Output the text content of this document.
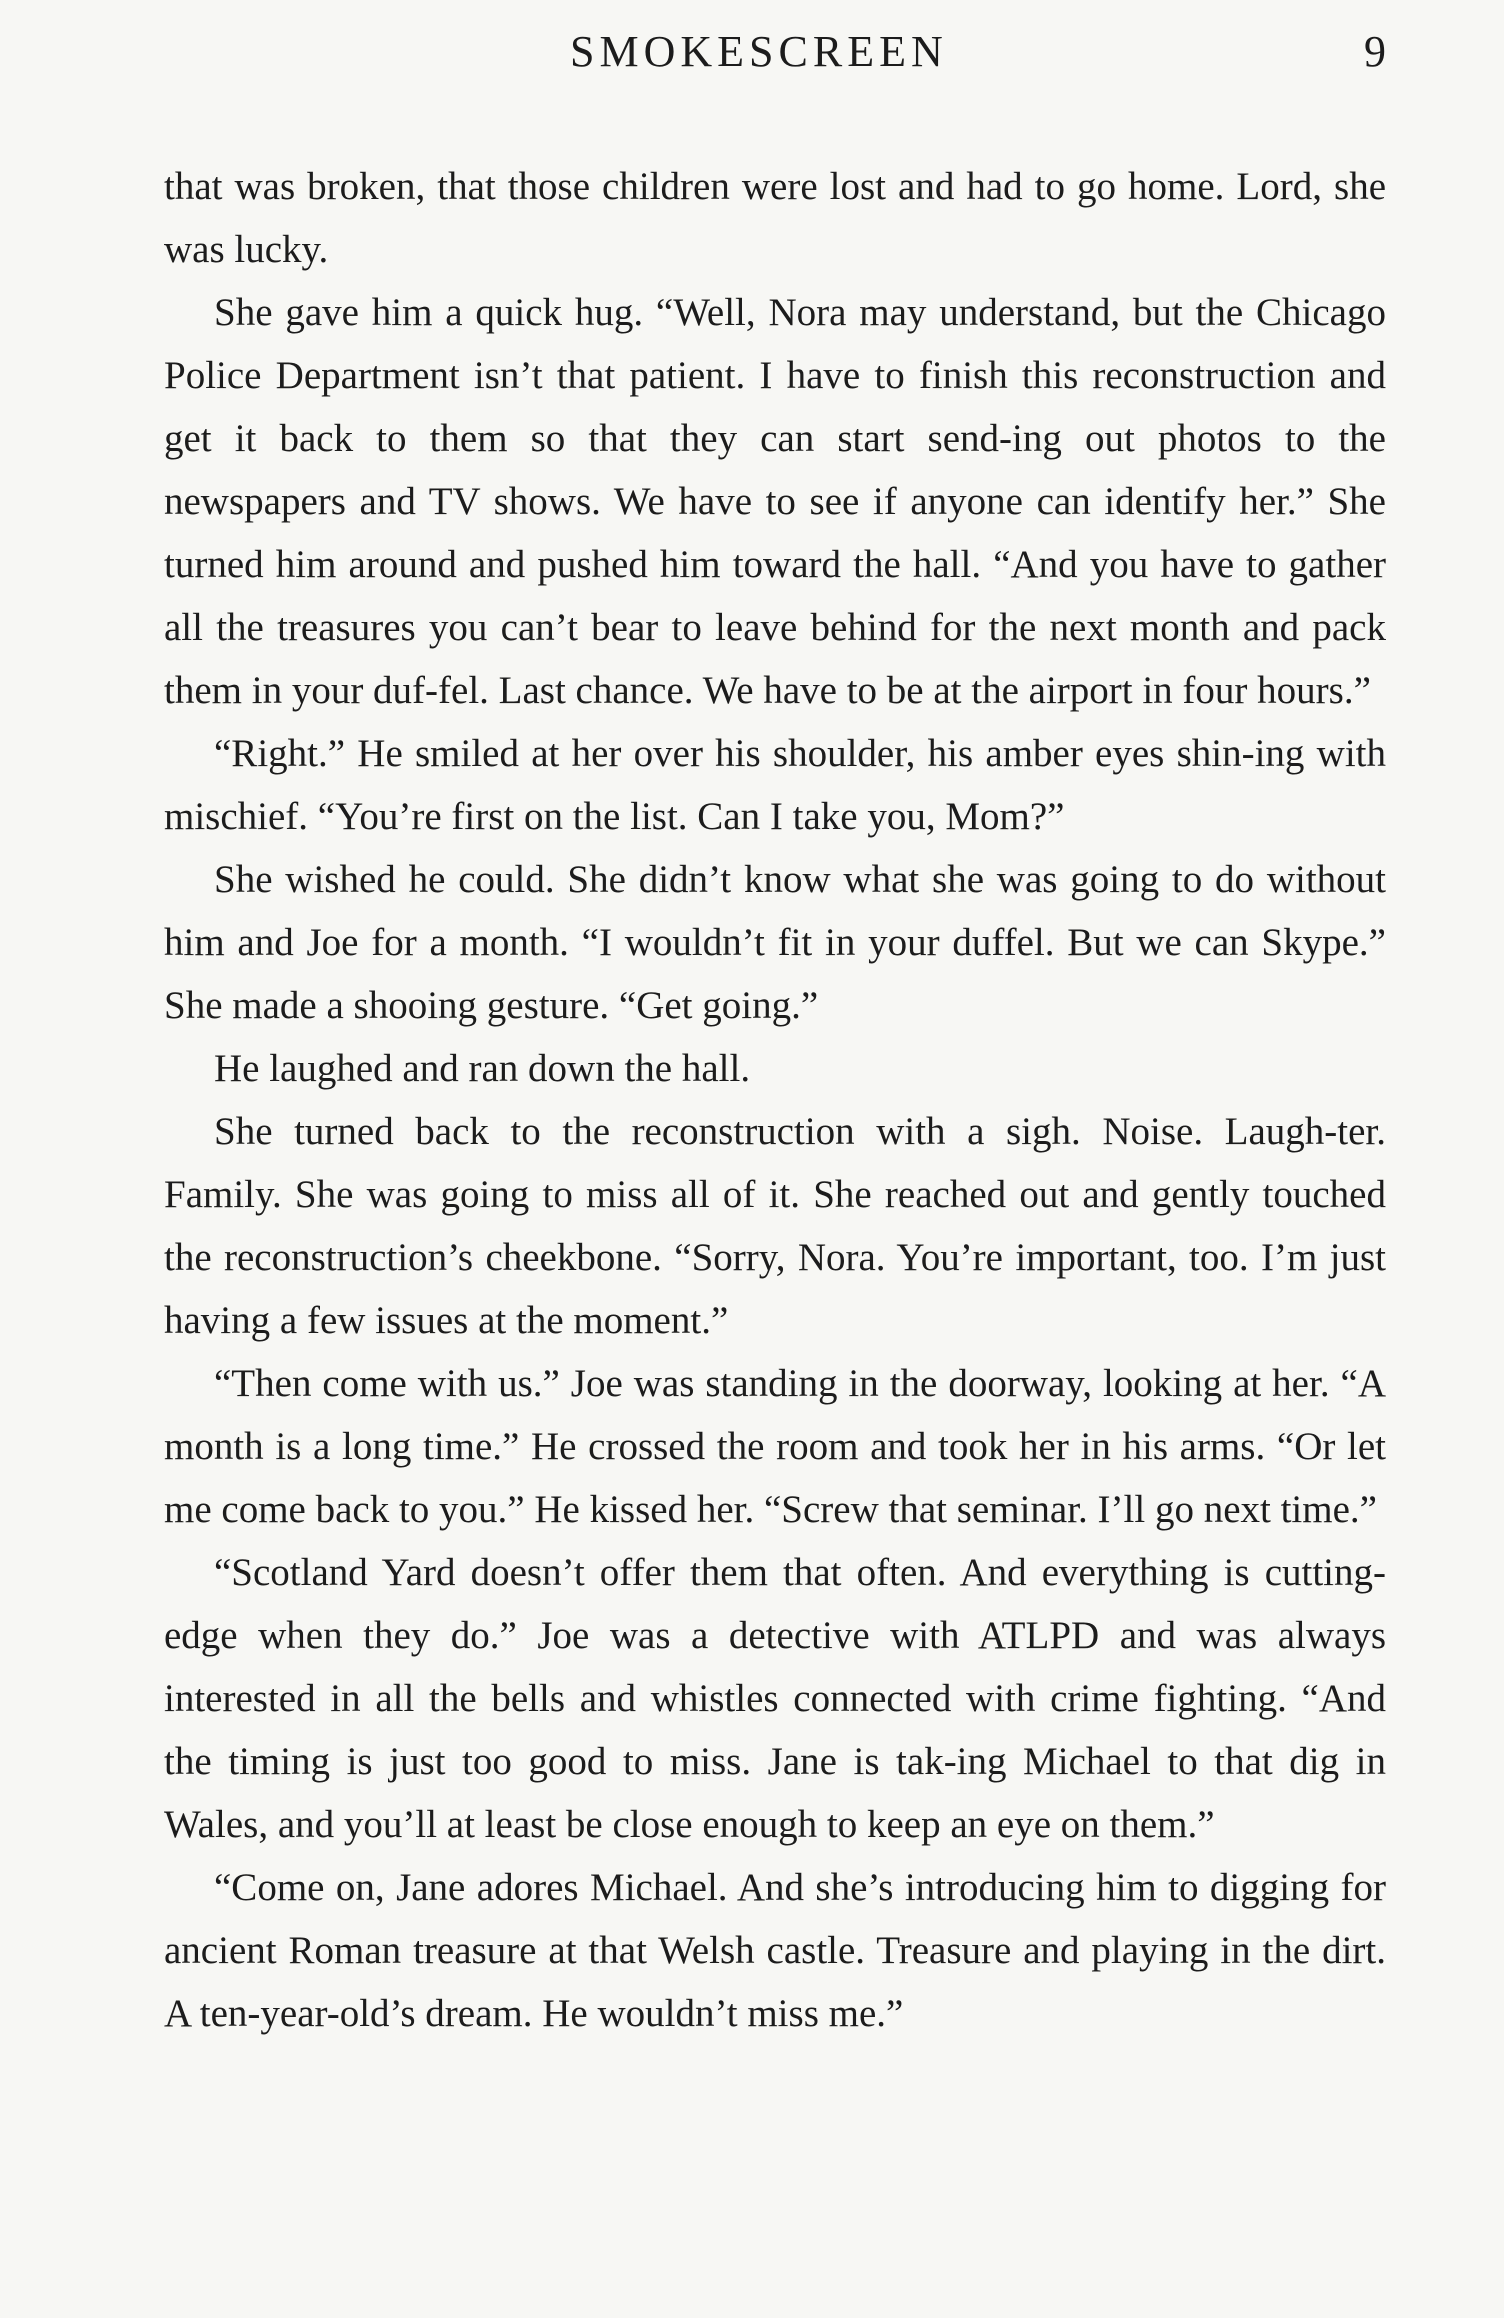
SMOKESCREEN	9

that was broken, that those children were lost and had to go home. Lord, she was lucky.

She gave him a quick hug. “Well, Nora may understand, but the Chicago Police Department isn’t that patient. I have to finish this reconstruction and get it back to them so that they can start send-ing out photos to the newspapers and TV shows. We have to see if anyone can identify her.” She turned him around and pushed him toward the hall. “And you have to gather all the treasures you can’t bear to leave behind for the next month and pack them in your duf-fel. Last chance. We have to be at the airport in four hours.”

“Right.” He smiled at her over his shoulder, his amber eyes shin-ing with mischief. “You’re first on the list. Can I take you, Mom?”

She wished he could. She didn’t know what she was going to do without him and Joe for a month. “I wouldn’t fit in your duffel. But we can Skype.” She made a shooing gesture. “Get going.”

He laughed and ran down the hall.

She turned back to the reconstruction with a sigh. Noise. Laugh-ter. Family. She was going to miss all of it. She reached out and gently touched the reconstruction’s cheekbone. “Sorry, Nora. You’re important, too. I’m just having a few issues at the moment.”

“Then come with us.” Joe was standing in the doorway, looking at her. “A month is a long time.” He crossed the room and took her in his arms. “Or let me come back to you.” He kissed her. “Screw that seminar. I’ll go next time.”

“Scotland Yard doesn’t offer them that often. And everything is cutting-edge when they do.” Joe was a detective with ATLPD and was always interested in all the bells and whistles connected with crime fighting. “And the timing is just too good to miss. Jane is tak-ing Michael to that dig in Wales, and you’ll at least be close enough to keep an eye on them.”

“Come on, Jane adores Michael. And she’s introducing him to digging for ancient Roman treasure at that Welsh castle. Treasure and playing in the dirt. A ten-year-old’s dream. He wouldn’t miss me.”
